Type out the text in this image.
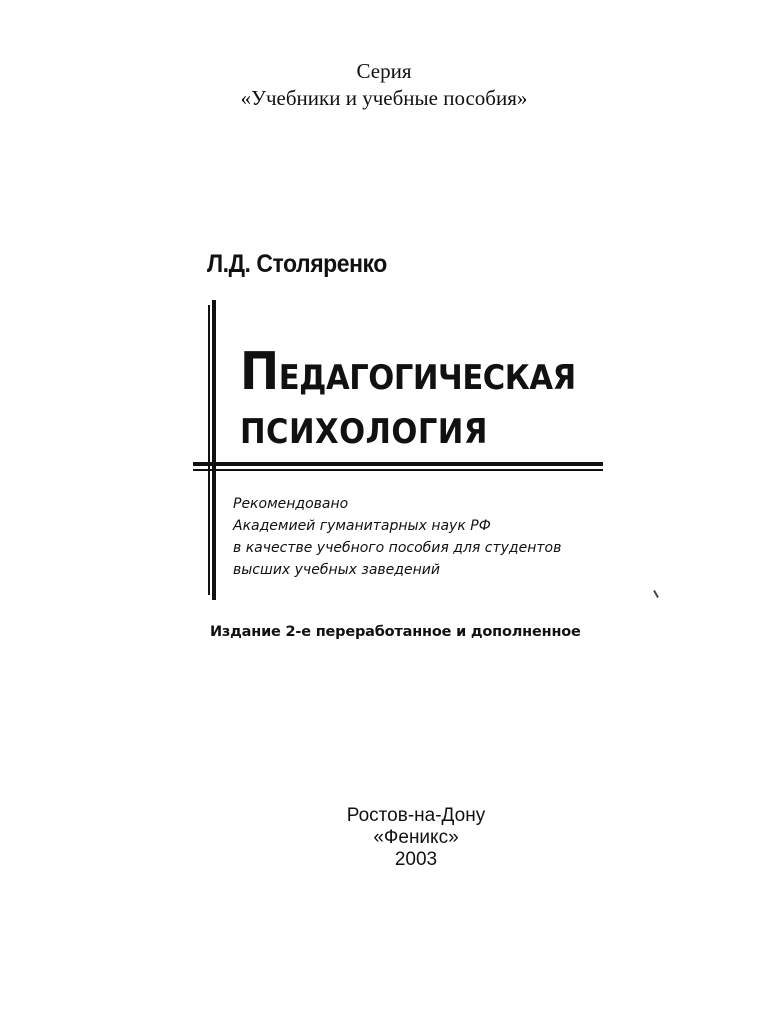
Серия
«Учебники и учебные пособия»
Л.Д. Столяренко
ПЕДАГОГИЧЕСКАЯ
ПСИХОЛОГИЯ
Рекомендовано
Академией гуманитарных наук РФ
в качестве учебного пособия для студентов
высших учебных заведений
Издание 2-е переработанное и дополненное
Ростов-на-Дону
«Феникс»
2003
